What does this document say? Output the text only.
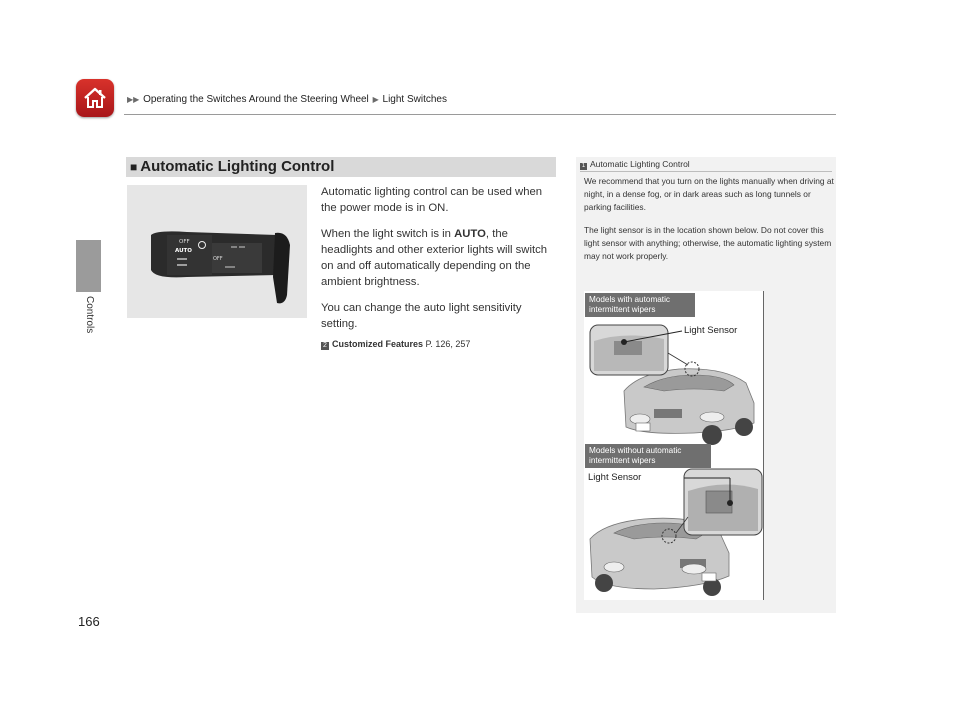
▶▶ Operating the Switches Around the Steering Wheel ▶ Light Switches
Controls
■ Automatic Lighting Control
OFF
AUTO
OFF

Automatic lighting control can be used when the power mode is in ON.

When the light switch is in AUTO, the headlights and other exterior lights will switch on and off automatically depending on the ambient brightness.

You can change the auto light sensitivity setting.

2 Customized Features P. 126, 257
1 Automatic Lighting Control

We recommend that you turn on the lights manually when driving at night, in a dense fog, or in dark areas such as long tunnels or parking facilities.

The light sensor is in the location shown below. Do not cover this light sensor with anything; otherwise, the automatic lighting system may not work properly.

Models with automatic intermittent wipers
Models without automatic intermittent wipers
Light Sensor
Light Sensor
166
